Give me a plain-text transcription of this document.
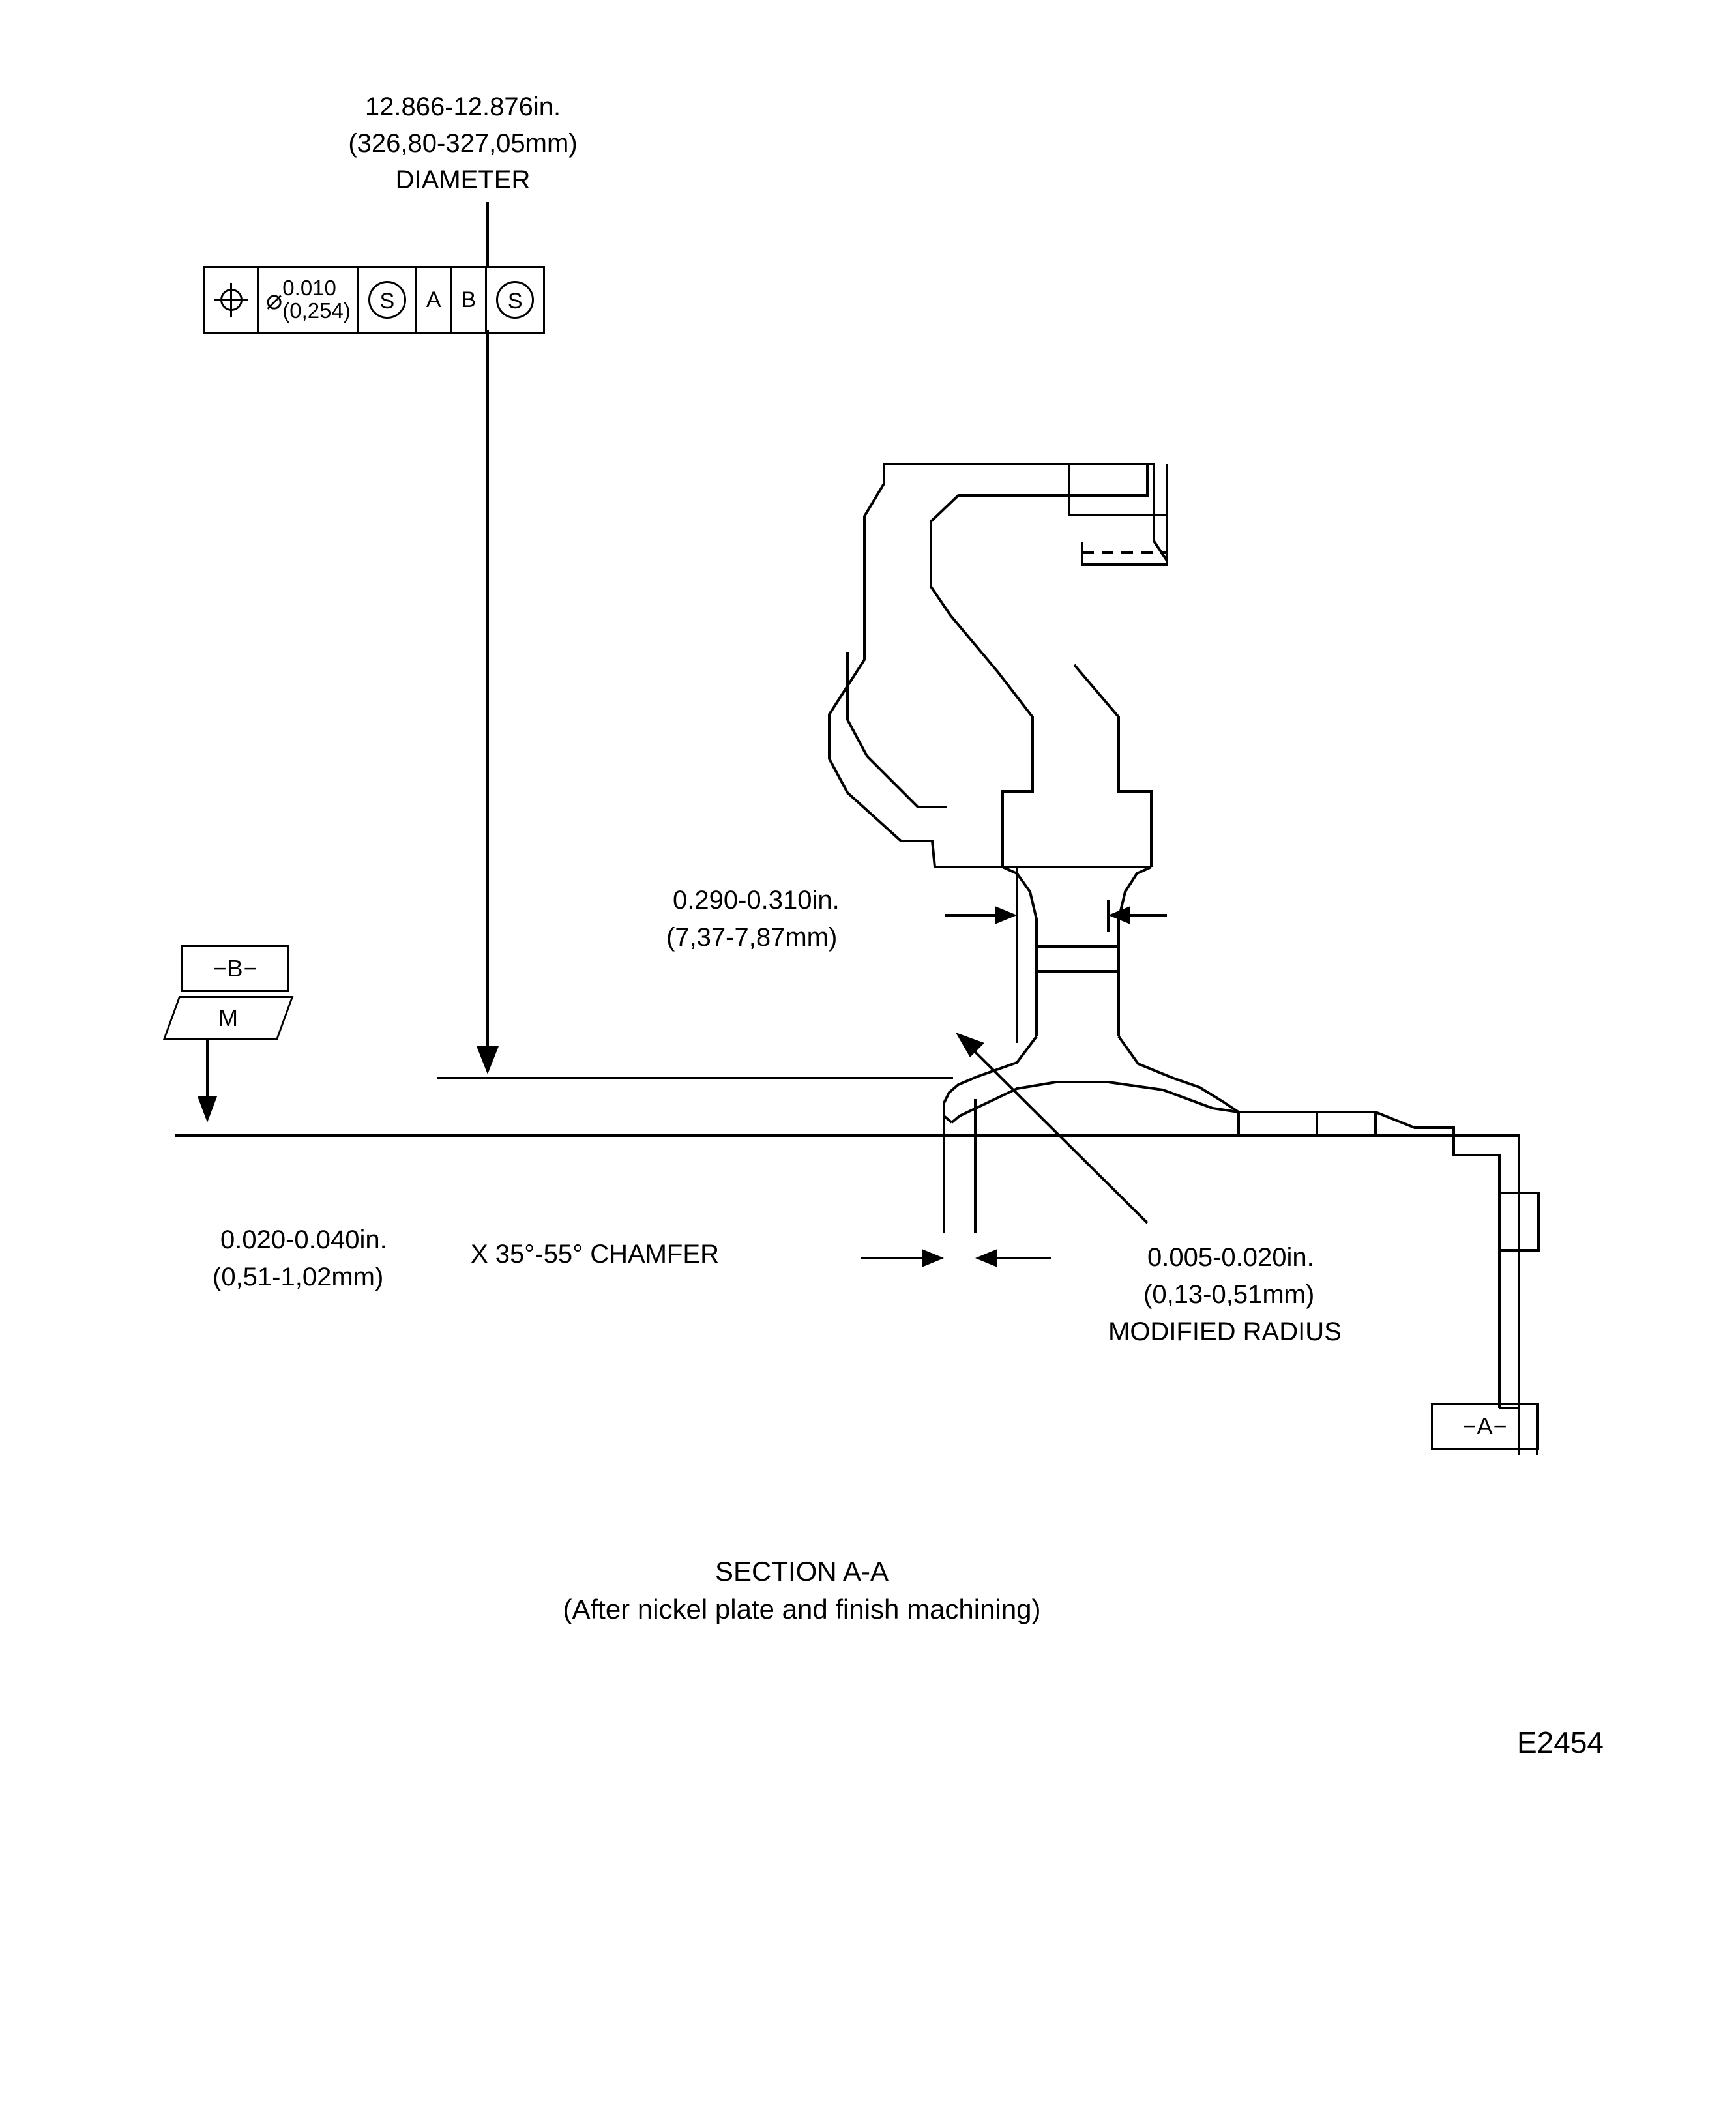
12.866-12.876in.
(326,80-327,05mm)
DIAMETER
⌀ 0.010
(0,254)	S	A B	S
−B−
M
−A−
0.290-0.310in.
(7,37-7,87mm)
0.020-0.040in.
(0,51-1,02mm)
X 35°-55° CHAMFER	0.005-0.020in.
(0,13-0,51mm)
MODIFIED RADIUS
SECTION A-A
(After nickel plate and finish machining)
E2454
